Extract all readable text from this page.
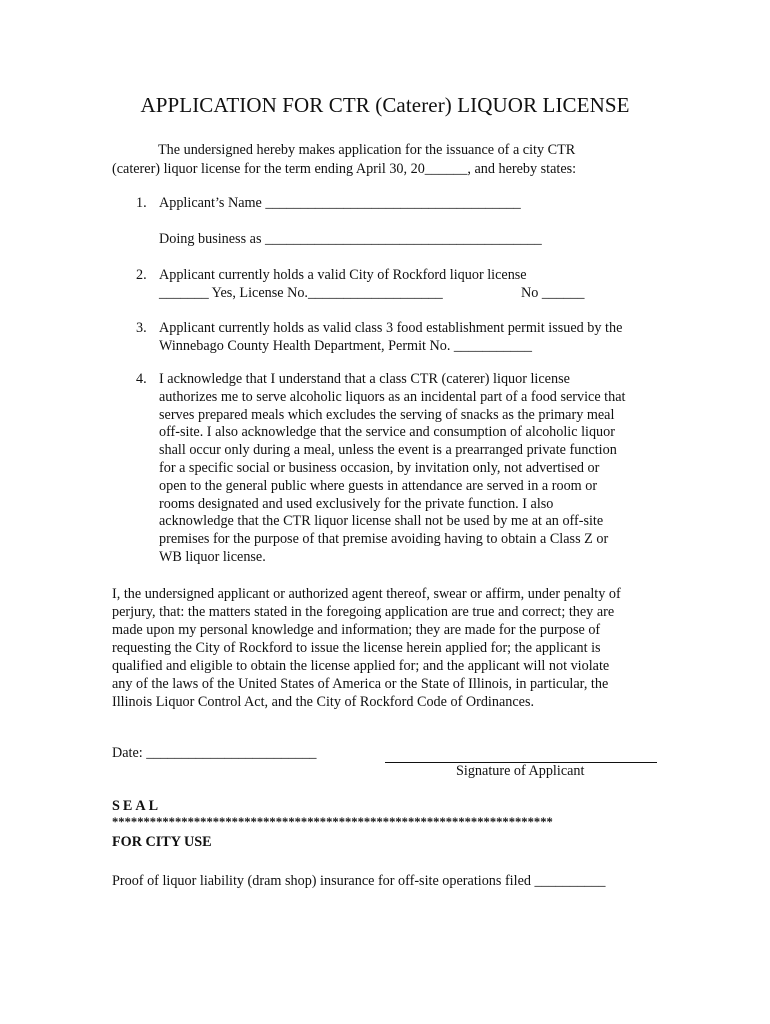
APPLICATION FOR CTR (Caterer) LIQUOR LICENSE
The undersigned hereby makes application for the issuance of a city CTR
(caterer) liquor license for the term ending April 30, 20______, and hereby states:
1. Applicant’s Name ____________________________________
Doing business as _______________________________________
2. Applicant currently holds a valid City of Rockford liquor license
_______ Yes, License No.___________________	No ______
3. Applicant currently holds as valid class 3 food establishment permit issued by the
Winnebago County Health Department, Permit No. ___________
4. I acknowledge that I understand that a class CTR (caterer) liquor license
authorizes me to serve alcoholic liquors as an incidental part of a food service that
serves prepared meals which excludes the serving of snacks as the primary meal
off-site. I also acknowledge that the service and consumption of alcoholic liquor
shall occur only during a meal, unless the event is a prearranged private function
for a specific social or business occasion, by invitation only, not advertised or
open to the general public where guests in attendance are served in a room or
rooms designated and used exclusively for the private function. I also
acknowledge that the CTR liquor license shall not be used by me at an off-site
premises for the purpose of that premise avoiding having to obtain a Class Z or
WB liquor license.
I, the undersigned applicant or authorized agent thereof, swear or affirm, under penalty of
perjury, that: the matters stated in the foregoing application are true and correct; they are
made upon my personal knowledge and information; they are made for the purpose of
requesting the City of Rockford to issue the license herein applied for; the applicant is
qualified and eligible to obtain the license applied for; and the applicant will not violate
any of the laws of the United States of America or the State of Illinois, in particular, the
Illinois Liquor Control Act, and the City of Rockford Code of Ordinances.
Date: ________________________
Signature of Applicant
SEAL
**********************************************************************
FOR CITY USE
Proof of liquor liability (dram shop) insurance for off-site operations filed __________
